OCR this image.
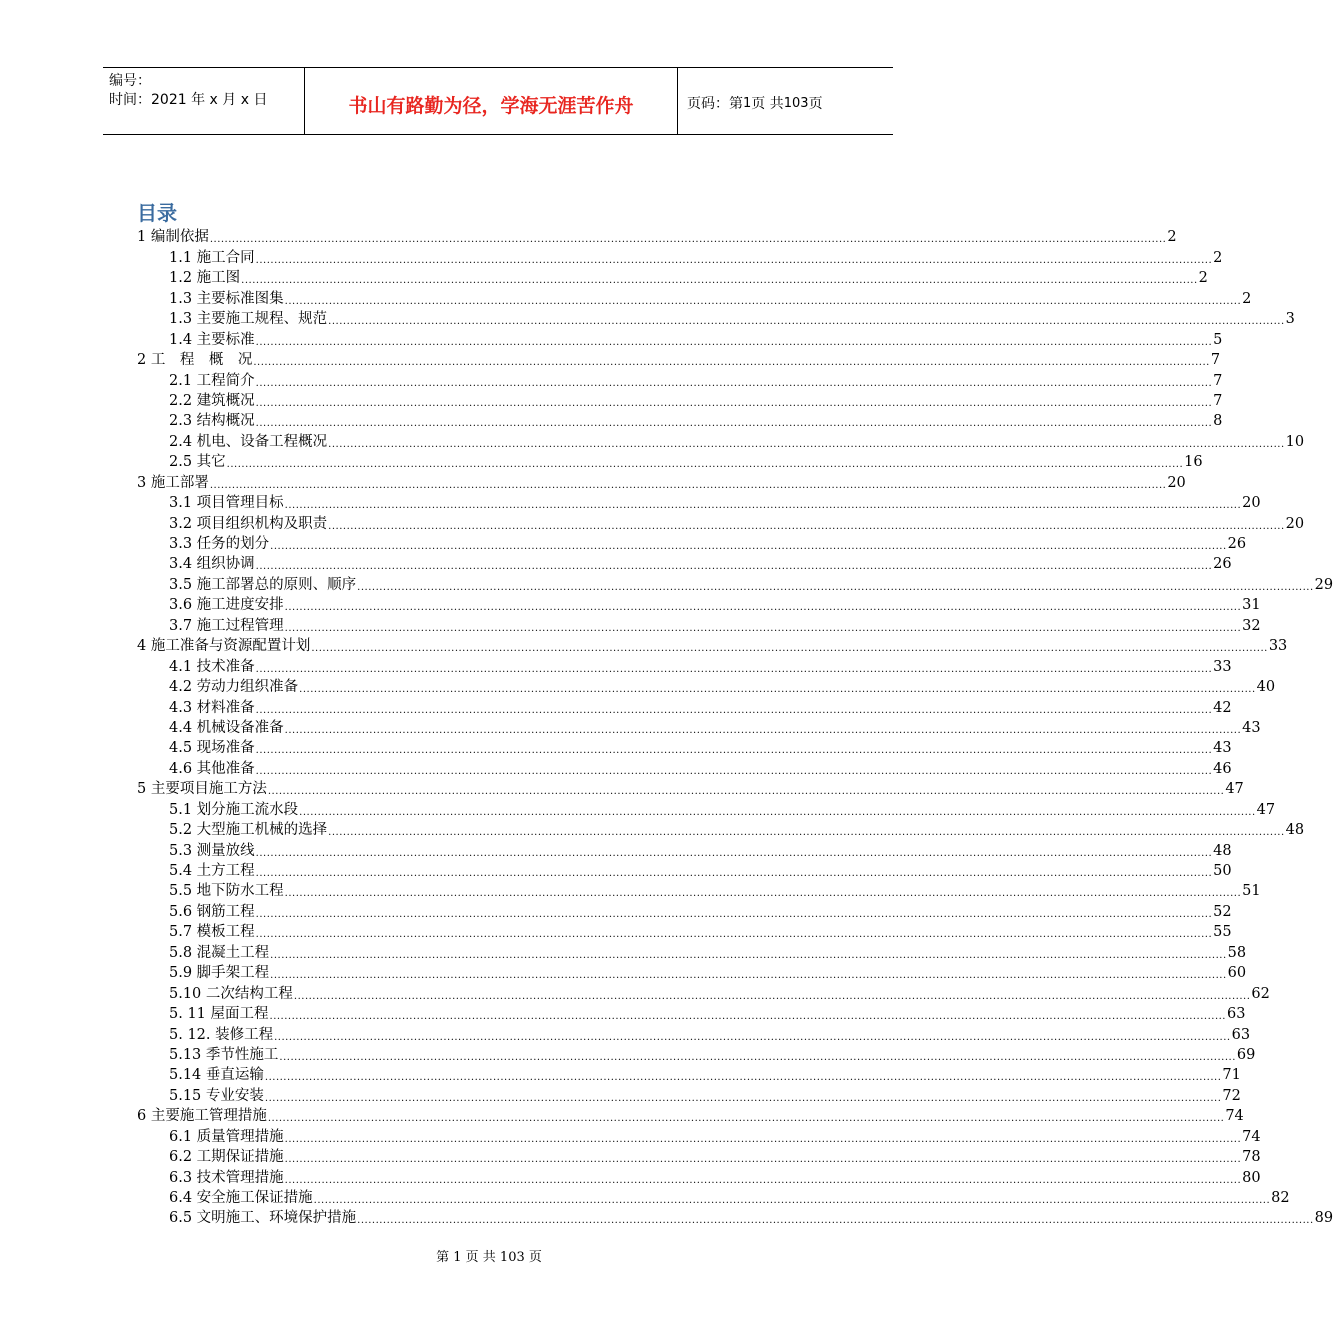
编号：
时间：2021 年 x 月 x 日	书山有路勤为径，学海无涯苦作舟	页码：第 1 页 共 103 页
目录
1 编制依据 .................................................................................................................................................................................................................................................................... 2
1.1 施工合同 .................................................................................................................................................................................................................................................................... 2
1.2 施工图 .................................................................................................................................................................................................................................................................... 2
1.3 主要标准图集 .................................................................................................................................................................................................................................................................... 2
1.3 主要施工规程、规范 .................................................................................................................................................................................................................................................................... 3
1.4 主要标准 .................................................................................................................................................................................................................................................................... 5
2 工　程　概　况 .................................................................................................................................................................................................................................................................... 7
2.1 工程简介 .................................................................................................................................................................................................................................................................... 7
2.2 建筑概况 .................................................................................................................................................................................................................................................................... 7
2.3 结构概况 .................................................................................................................................................................................................................................................................... 8
2.4 机电、设备工程概况 .................................................................................................................................................................................................................................................................... 10
2.5 其它 .................................................................................................................................................................................................................................................................... 16
3 施工部署 .................................................................................................................................................................................................................................................................... 20
3.1 项目管理目标 .................................................................................................................................................................................................................................................................... 20
3.2 项目组织机构及职责 .................................................................................................................................................................................................................................................................... 20
3.3 任务的划分 .................................................................................................................................................................................................................................................................... 26
3.4 组织协调 .................................................................................................................................................................................................................................................................... 26
3.5 施工部署总的原则、顺序 .................................................................................................................................................................................................................................................................... 29
3.6 施工进度安排 .................................................................................................................................................................................................................................................................... 31
3.7 施工过程管理 .................................................................................................................................................................................................................................................................... 32
4 施工准备与资源配置计划 .................................................................................................................................................................................................................................................................... 33
4.1 技术准备 .................................................................................................................................................................................................................................................................... 33
4.2 劳动力组织准备 .................................................................................................................................................................................................................................................................... 40
4.3 材料准备 .................................................................................................................................................................................................................................................................... 42
4.4 机械设备准备 .................................................................................................................................................................................................................................................................... 43
4.5 现场准备 .................................................................................................................................................................................................................................................................... 43
4.6 其他准备 .................................................................................................................................................................................................................................................................... 46
5 主要项目施工方法 .................................................................................................................................................................................................................................................................... 47
5.1 划分施工流水段 .................................................................................................................................................................................................................................................................... 47
5.2 大型施工机械的选择 .................................................................................................................................................................................................................................................................... 48
5.3 测量放线 .................................................................................................................................................................................................................................................................... 48
5.4 土方工程 .................................................................................................................................................................................................................................................................... 50
5.5 地下防水工程 .................................................................................................................................................................................................................................................................... 51
5.6 钢筋工程 .................................................................................................................................................................................................................................................................... 52
5.7 模板工程 .................................................................................................................................................................................................................................................................... 55
5.8 混凝土工程 .................................................................................................................................................................................................................................................................... 58
5.9 脚手架工程 .................................................................................................................................................................................................................................................................... 60
5.10 二次结构工程 .................................................................................................................................................................................................................................................................... 62
5. 11 屋面工程 .................................................................................................................................................................................................................................................................... 63
5. 12. 装修工程 .................................................................................................................................................................................................................................................................... 63
5.13 季节性施工 .................................................................................................................................................................................................................................................................... 69
5.14 垂直运输 .................................................................................................................................................................................................................................................................... 71
5.15 专业安装 .................................................................................................................................................................................................................................................................... 72
6 主要施工管理措施 .................................................................................................................................................................................................................................................................... 74
6.1 质量管理措施 .................................................................................................................................................................................................................................................................... 74
6.2 工期保证措施 .................................................................................................................................................................................................................................................................... 78
6.3 技术管理措施 .................................................................................................................................................................................................................................................................... 80
6.4 安全施工保证措施 .................................................................................................................................................................................................................................................................... 82
6.5 文明施工、环境保护措施 .................................................................................................................................................................................................................................................................... 89
第 1 页 共 103 页
